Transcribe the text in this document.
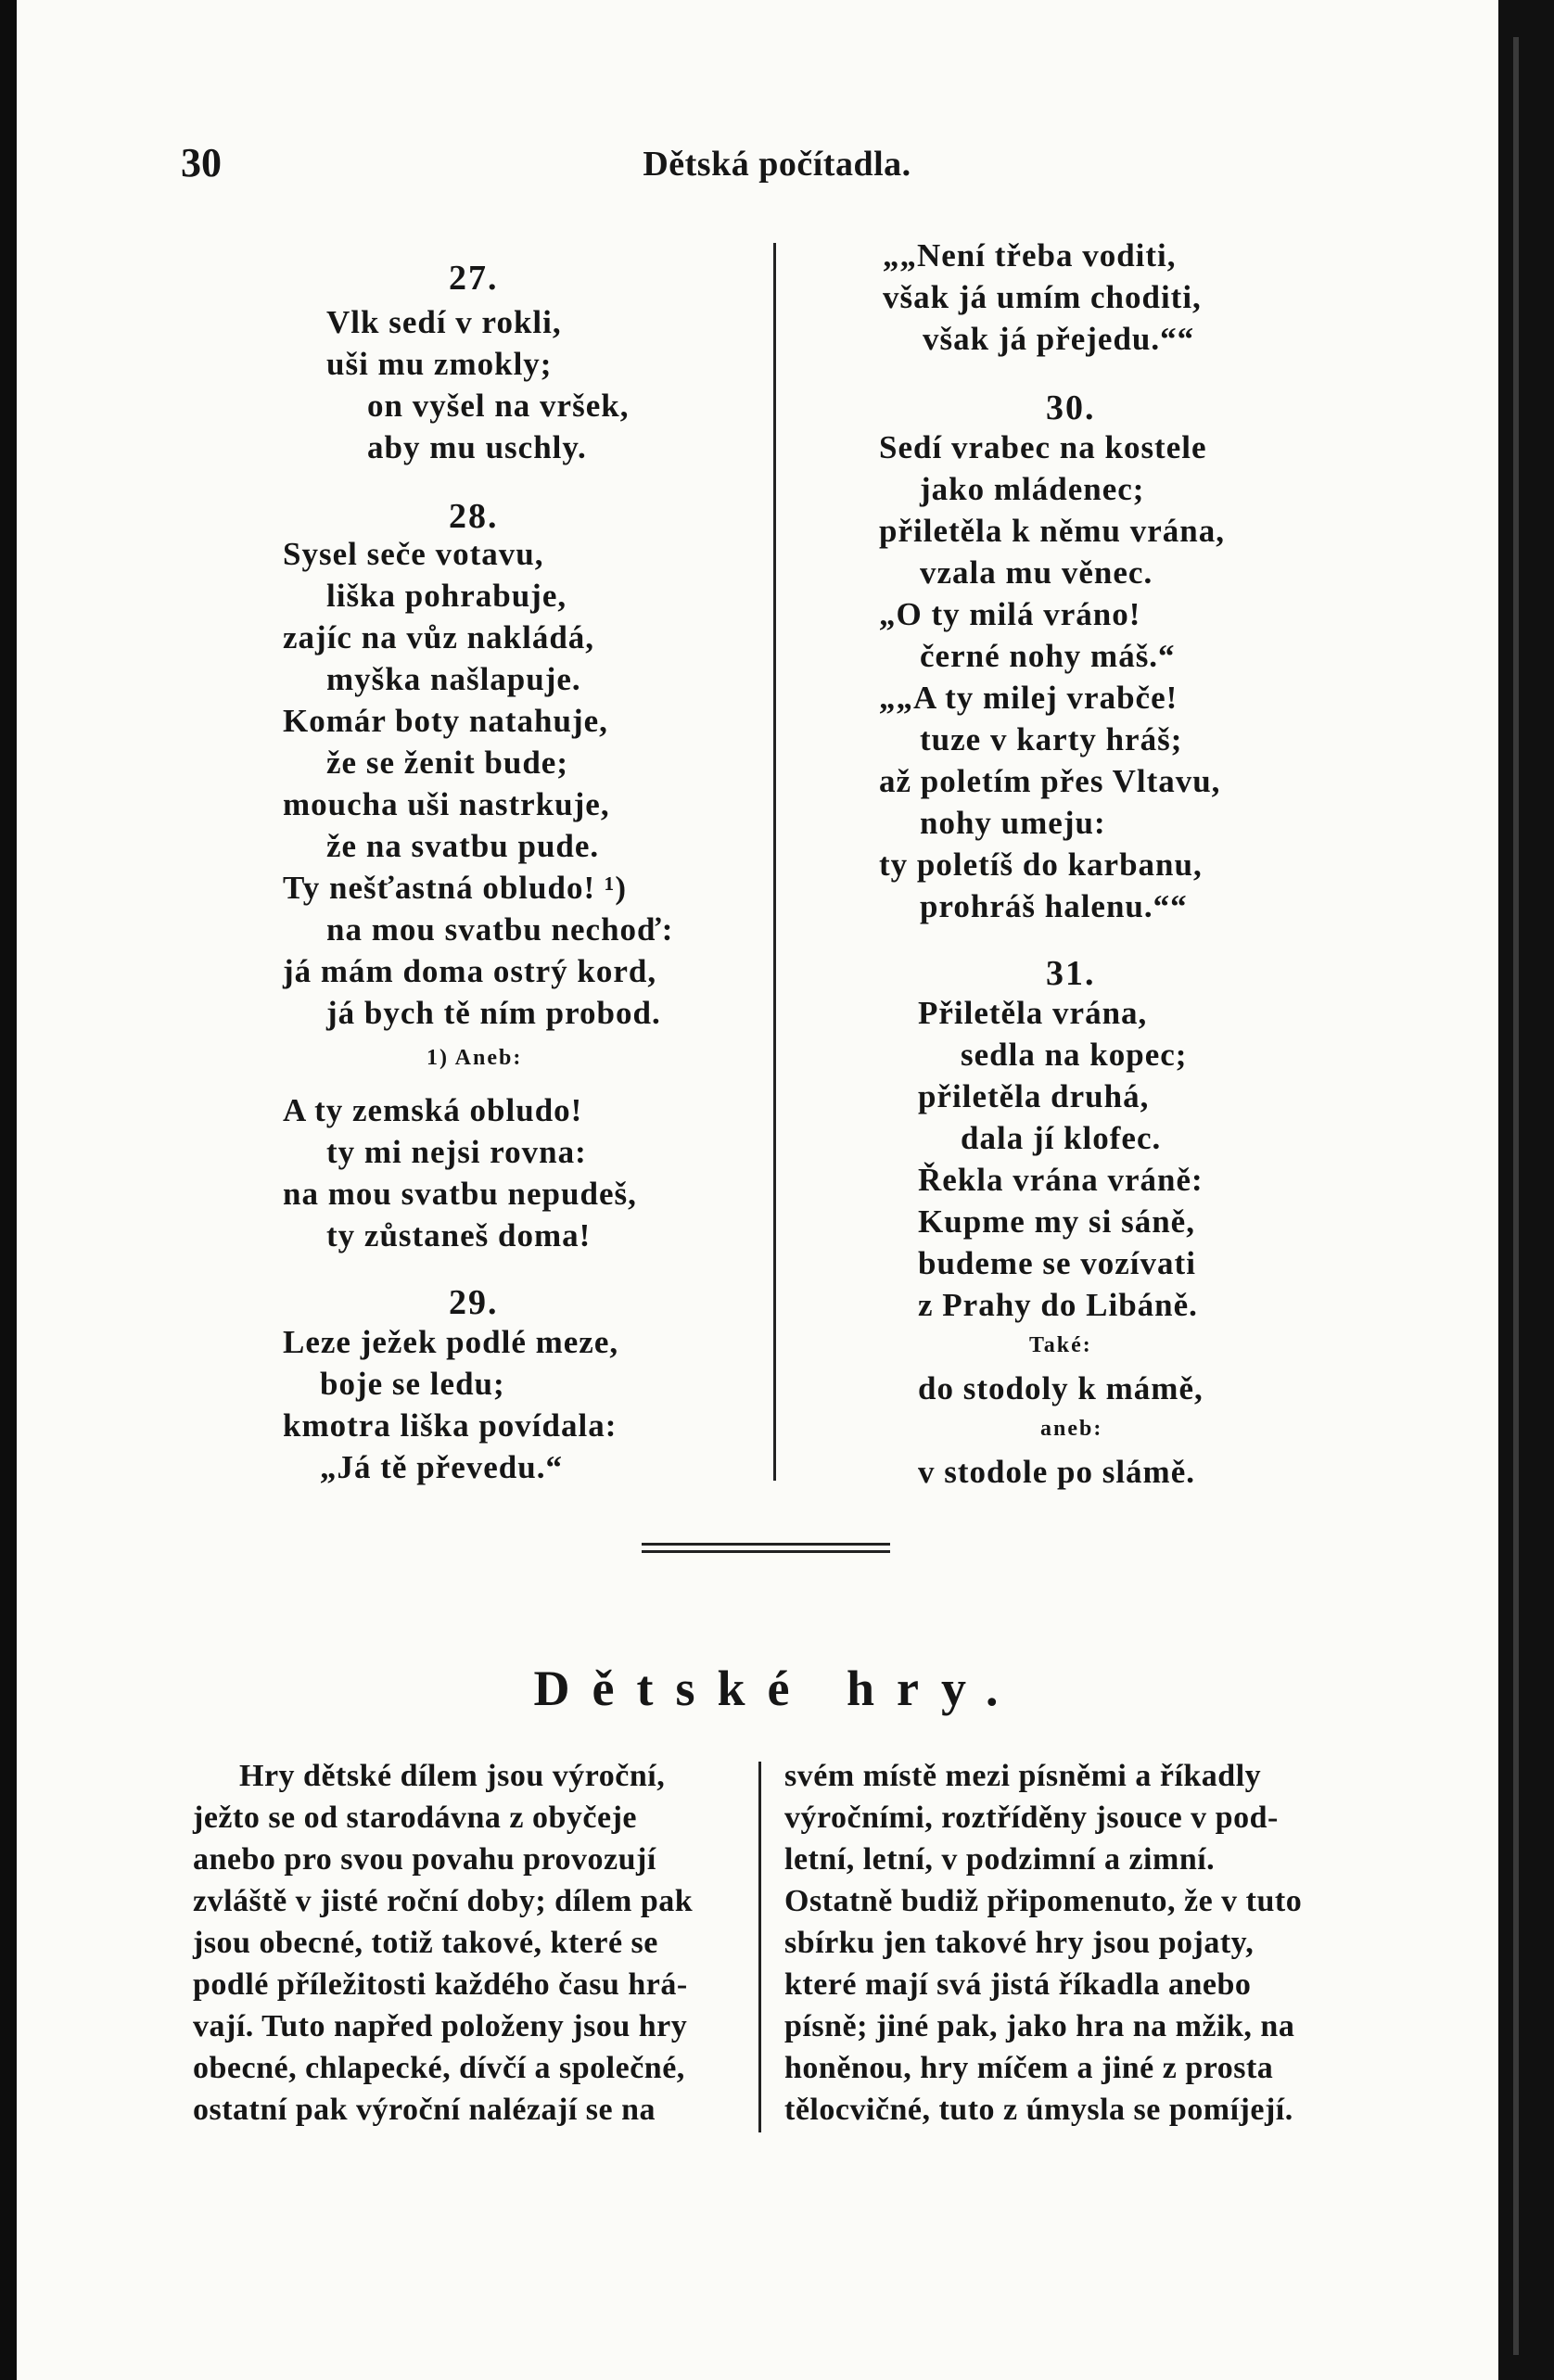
30	Dětská počítadla.
27.
Vlk sedí v rokli,
uši mu zmokly;
on vyšel na vršek,
aby mu uschly.
28.
Sysel seče votavu,
liška pohrabuje,
zajíc na vůz nakládá,
myška našlapuje.
Komár boty natahuje,
že se ženit bude;
moucha uši nastrkuje,
že na svatbu pude.
Ty nešťastná obludo! ¹)
na mou svatbu nechoď:
já mám doma ostrý kord,
já bych tě ním probod.
1) Aneb:
A ty zemská obludo!
ty mi nejsi rovna:
na mou svatbu nepudeš,
ty zůstaneš doma!
29.
Leze ježek podlé meze,
boje se ledu;
kmotra liška povídala:
„Já tě převedu.“
„„Není třeba voditi,
však já umím choditi,
však já přejedu.““
30.
Sedí vrabec na kostele
jako mládenec;
přiletěla k němu vrána,
vzala mu věnec.
„O ty milá vráno!
černé nohy máš.“
„„A ty milej vrabče!
tuze v karty hráš;
až poletím přes Vltavu,
nohy umeju:
ty poletíš do karbanu,
prohráš halenu.““
31.
Přiletěla vrána,
sedla na kopec;
přiletěla druhá,
dala jí klofec.
Řekla vrána vráně:
Kupme my si sáně,
budeme se vozívati
z Prahy do Libáně.
Také:
do stodoly k mámě,
aneb:
v stodole po slámě.
Dětské hry.
Hry dětské dílem jsou výroční,
ježto se od starodávna z obyčeje
anebo pro svou povahu provozují
zvláště v jisté roční doby; dílem pak
jsou obecné, totiž takové, které se
podlé příležitosti každého času hrá-
vají. Tuto napřed položeny jsou hry
obecné, chlapecké, dívčí a společné,
ostatní pak výroční nalézají se na
svém místě mezi písněmi a říkadly
výročními, roztříděny jsouce v pod-
letní, letní, v podzimní a zimní.
Ostatně budiž připomenuto, že v tuto
sbírku jen takové hry jsou pojaty,
které mají svá jistá říkadla anebo
písně; jiné pak, jako hra na mžik, na
honěnou, hry míčem a jiné z prosta
tělocvičné, tuto z úmysla se pomíjejí.
